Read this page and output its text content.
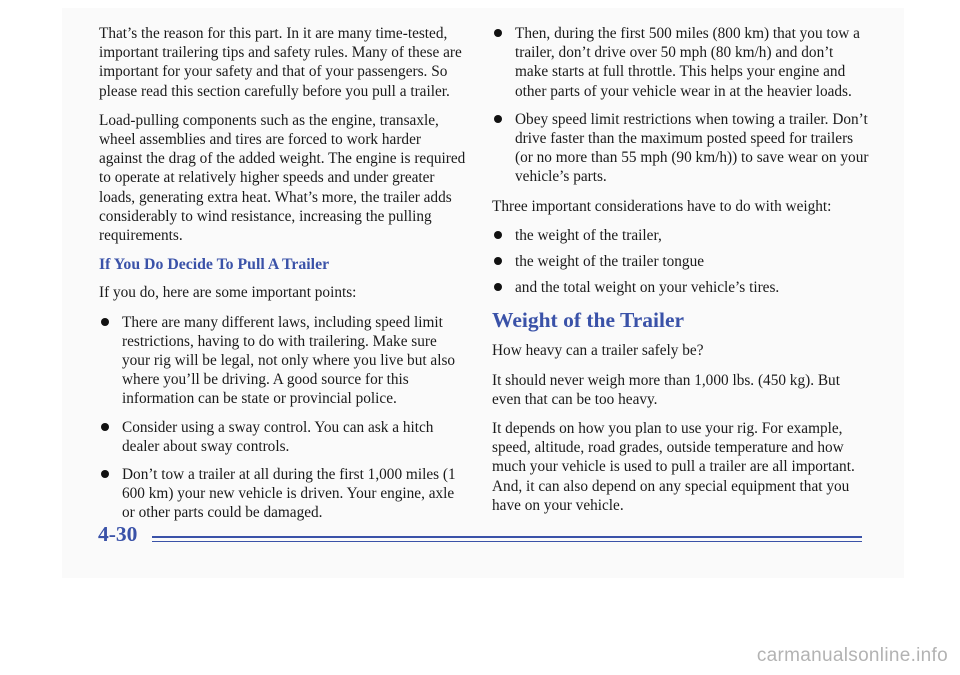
That’s the reason for this part. In it are many time-tested, important trailering tips and safety rules. Many of these are important for your safety and that of your passengers. So please read this section carefully before you pull a trailer.

Load-pulling components such as the engine, transaxle, wheel assemblies and tires are forced to work harder against the drag of the added weight. The engine is required to operate at relatively higher speeds and under greater loads, generating extra heat. What’s more, the trailer adds considerably to wind resistance, increasing the pulling requirements.

If You Do Decide To Pull A Trailer

If you do, here are some important points:

There are many different laws, including speed limit restrictions, having to do with trailering. Make sure your rig will be legal, not only where you live but also where you’ll be driving. A good source for this information can be state or provincial police.
Consider using a sway control. You can ask a hitch dealer about sway controls.
Don’t tow a trailer at all during the first 1,000 miles (1 600 km) your new vehicle is driven. Your engine, axle or other parts could be damaged.
Then, during the first 500 miles (800 km) that you tow a trailer, don’t drive over 50 mph (80 km/h) and don’t make starts at full throttle. This helps your engine and other parts of your vehicle wear in at the heavier loads.
Obey speed limit restrictions when towing a trailer. Don’t drive faster than the maximum posted speed for trailers (or no more than 55 mph (90 km/h)) to save wear on your vehicle’s parts.

Three important considerations have to do with weight:

the weight of the trailer,
the weight of the trailer tongue
and the total weight on your vehicle’s tires.
Weight of the Trailer

How heavy can a trailer safely be?

It should never weigh more than 1,000 lbs. (450 kg). But even that can be too heavy.

It depends on how you plan to use your rig. For example, speed, altitude, road grades, outside temperature and how much your vehicle is used to pull a trailer are all important. And, it can also depend on any special equipment that you have on your vehicle.

4-30
carmanualsonline.info
